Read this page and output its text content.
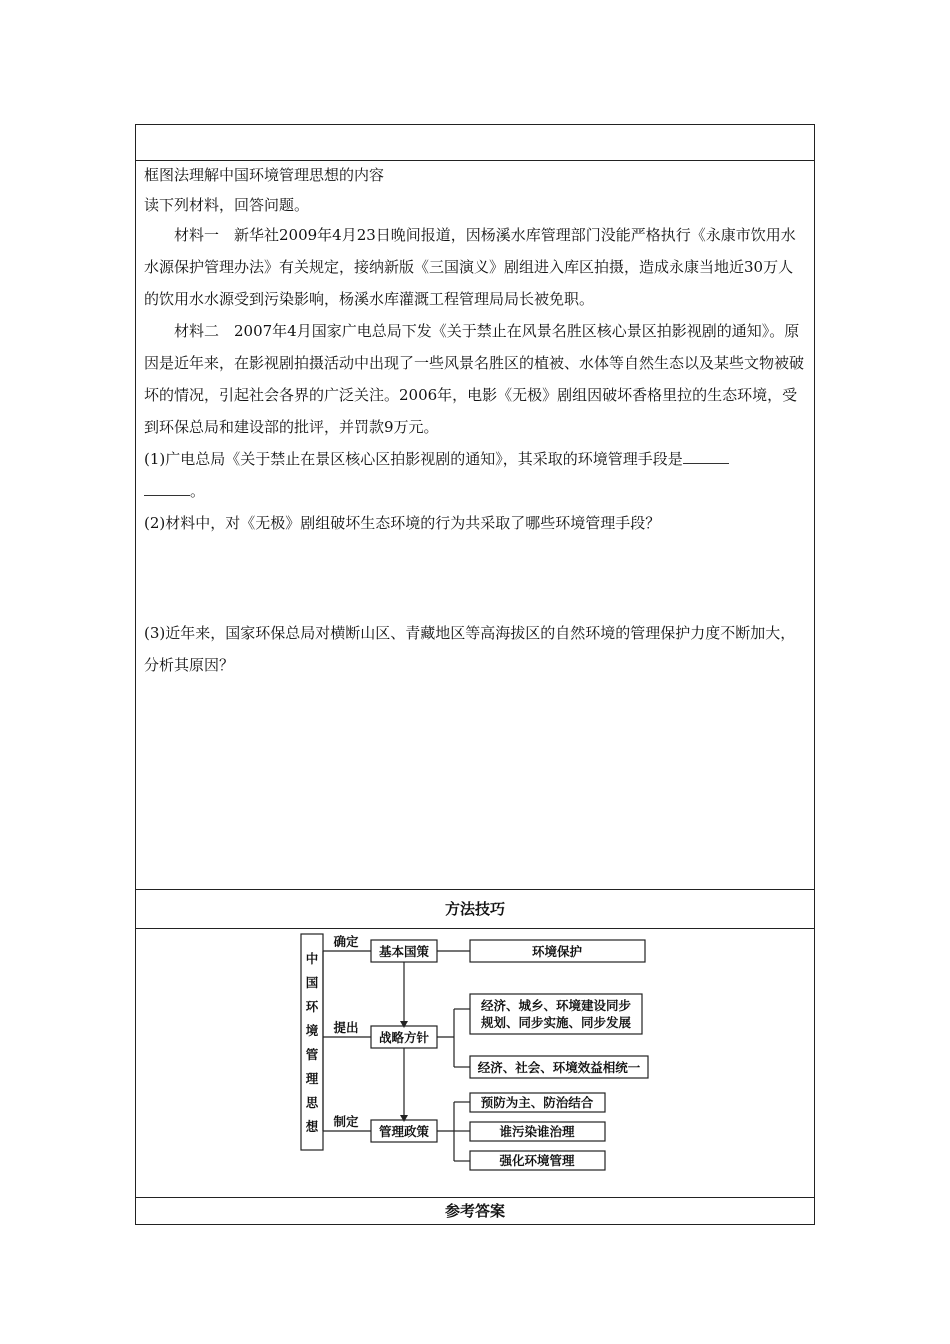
框图法理解中国环境管理思想的内容

读下列材料，回答问题。

材料一　新华社2009年4月23日晚间报道，因杨溪水库管理部门没能严格执行《永康市饮用水水源保护管理办法》有关规定，接纳新版《三国演义》剧组进入库区拍摄，造成永康当地近30万人的饮用水水源受到污染影响，杨溪水库灌溉工程管理局局长被免职。

材料二　2007年4月国家广电总局下发《关于禁止在风景名胜区核心景区拍影视剧的通知》。原因是近年来，在影视剧拍摄活动中出现了一些风景名胜区的植被、水体等自然生态以及某些文物被破坏的情况，引起社会各界的广泛关注。2006年，电影《无极》剧组因破坏香格里拉的生态环境，受到环保总局和建设部的批评，并罚款9万元。

(1)广电总局《关于禁止在景区核心区拍影视剧的通知》，其采取的环境管理手段是
。

(2)材料中，对《无极》剧组破坏生态环境的行为共采取了哪些环境管理手段？

(3)近年来，国家环保总局对横断山区、青藏地区等高海拔区的自然环境的管理保护力度不断加大，分析其原因？

方法技巧

中
国
环
境
管
理
思
想
确定
提出
制定
基本国策
战略方针
管理政策
环境保护
经济、城乡、环境建设同步
规划、同步实施、同步发展
经济、社会、环境效益相统一
预防为主、防治结合
谁污染谁治理
强化环境管理

参考答案
